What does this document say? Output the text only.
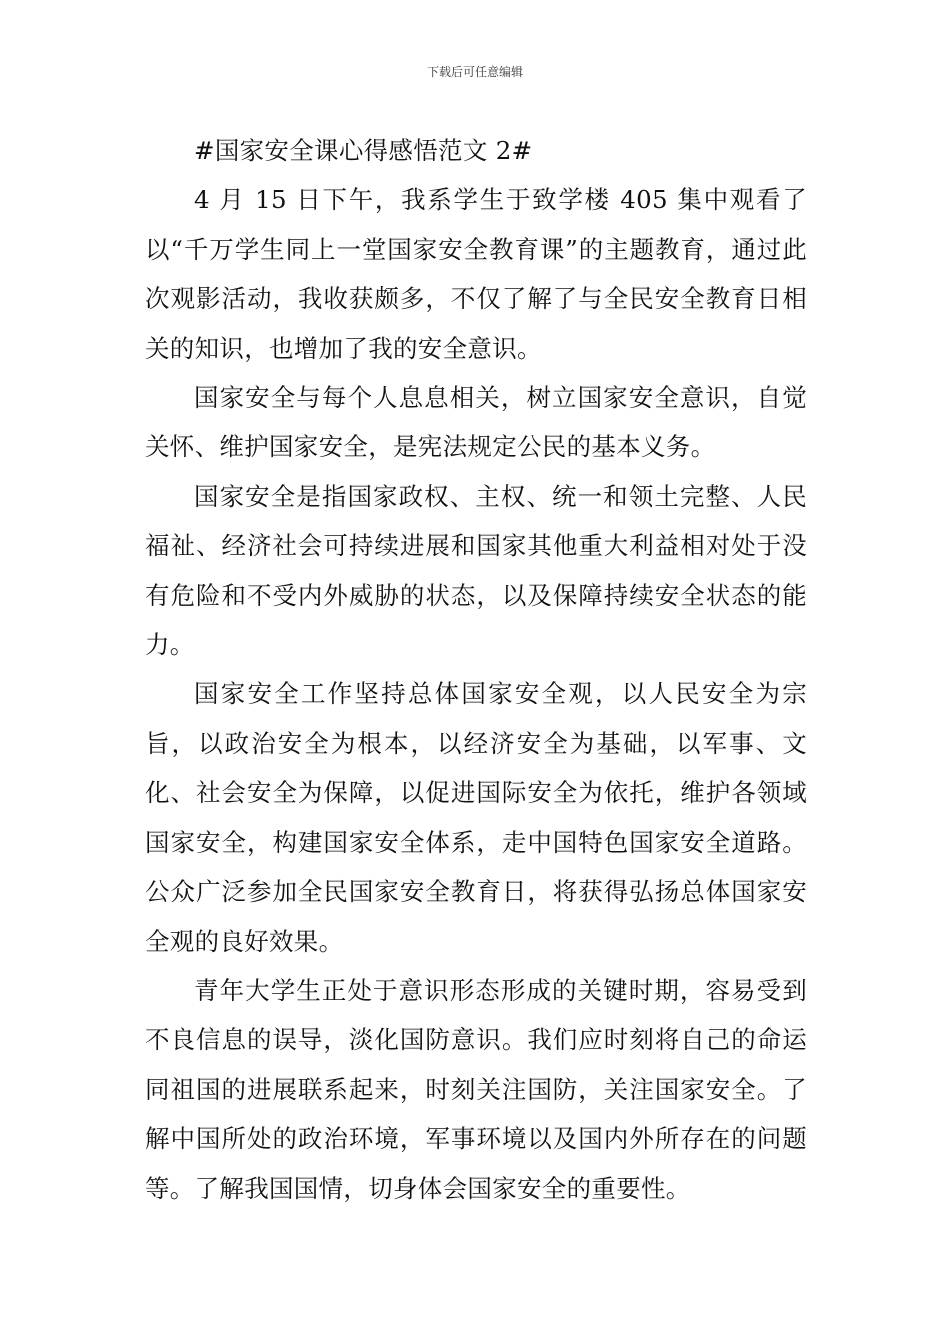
下载后可任意编辑

#国家安全课心得感悟范文 2#

4 月 15 日下午，我系学生于致学楼 405 集中观看了以“千万学生同上一堂国家安全教育课”的主题教育，通过此次观影活动，我收获颇多，不仅了解了与全民安全教育日相关的知识，也增加了我的安全意识。

国家安全与每个人息息相关，树立国家安全意识，自觉关怀、维护国家安全，是宪法规定公民的基本义务。

国家安全是指国家政权、主权、统一和领土完整、人民福祉、经济社会可持续进展和国家其他重大利益相对处于没有危险和不受内外威胁的状态，以及保障持续安全状态的能力。

国家安全工作坚持总体国家安全观，以人民安全为宗旨，以政治安全为根本，以经济安全为基础，以军事、文化、社会安全为保障，以促进国际安全为依托，维护各领域国家安全，构建国家安全体系，走中国特色国家安全道路。公众广泛参加全民国家安全教育日，将获得弘扬总体国家安全观的良好效果。

青年大学生正处于意识形态形成的关键时期，容易受到不良信息的误导，淡化国防意识。我们应时刻将自己的命运同祖国的进展联系起来，时刻关注国防，关注国家安全。了解中国所处的政治环境，军事环境以及国内外所存在的问题等。了解我国国情，切身体会国家安全的重要性。
